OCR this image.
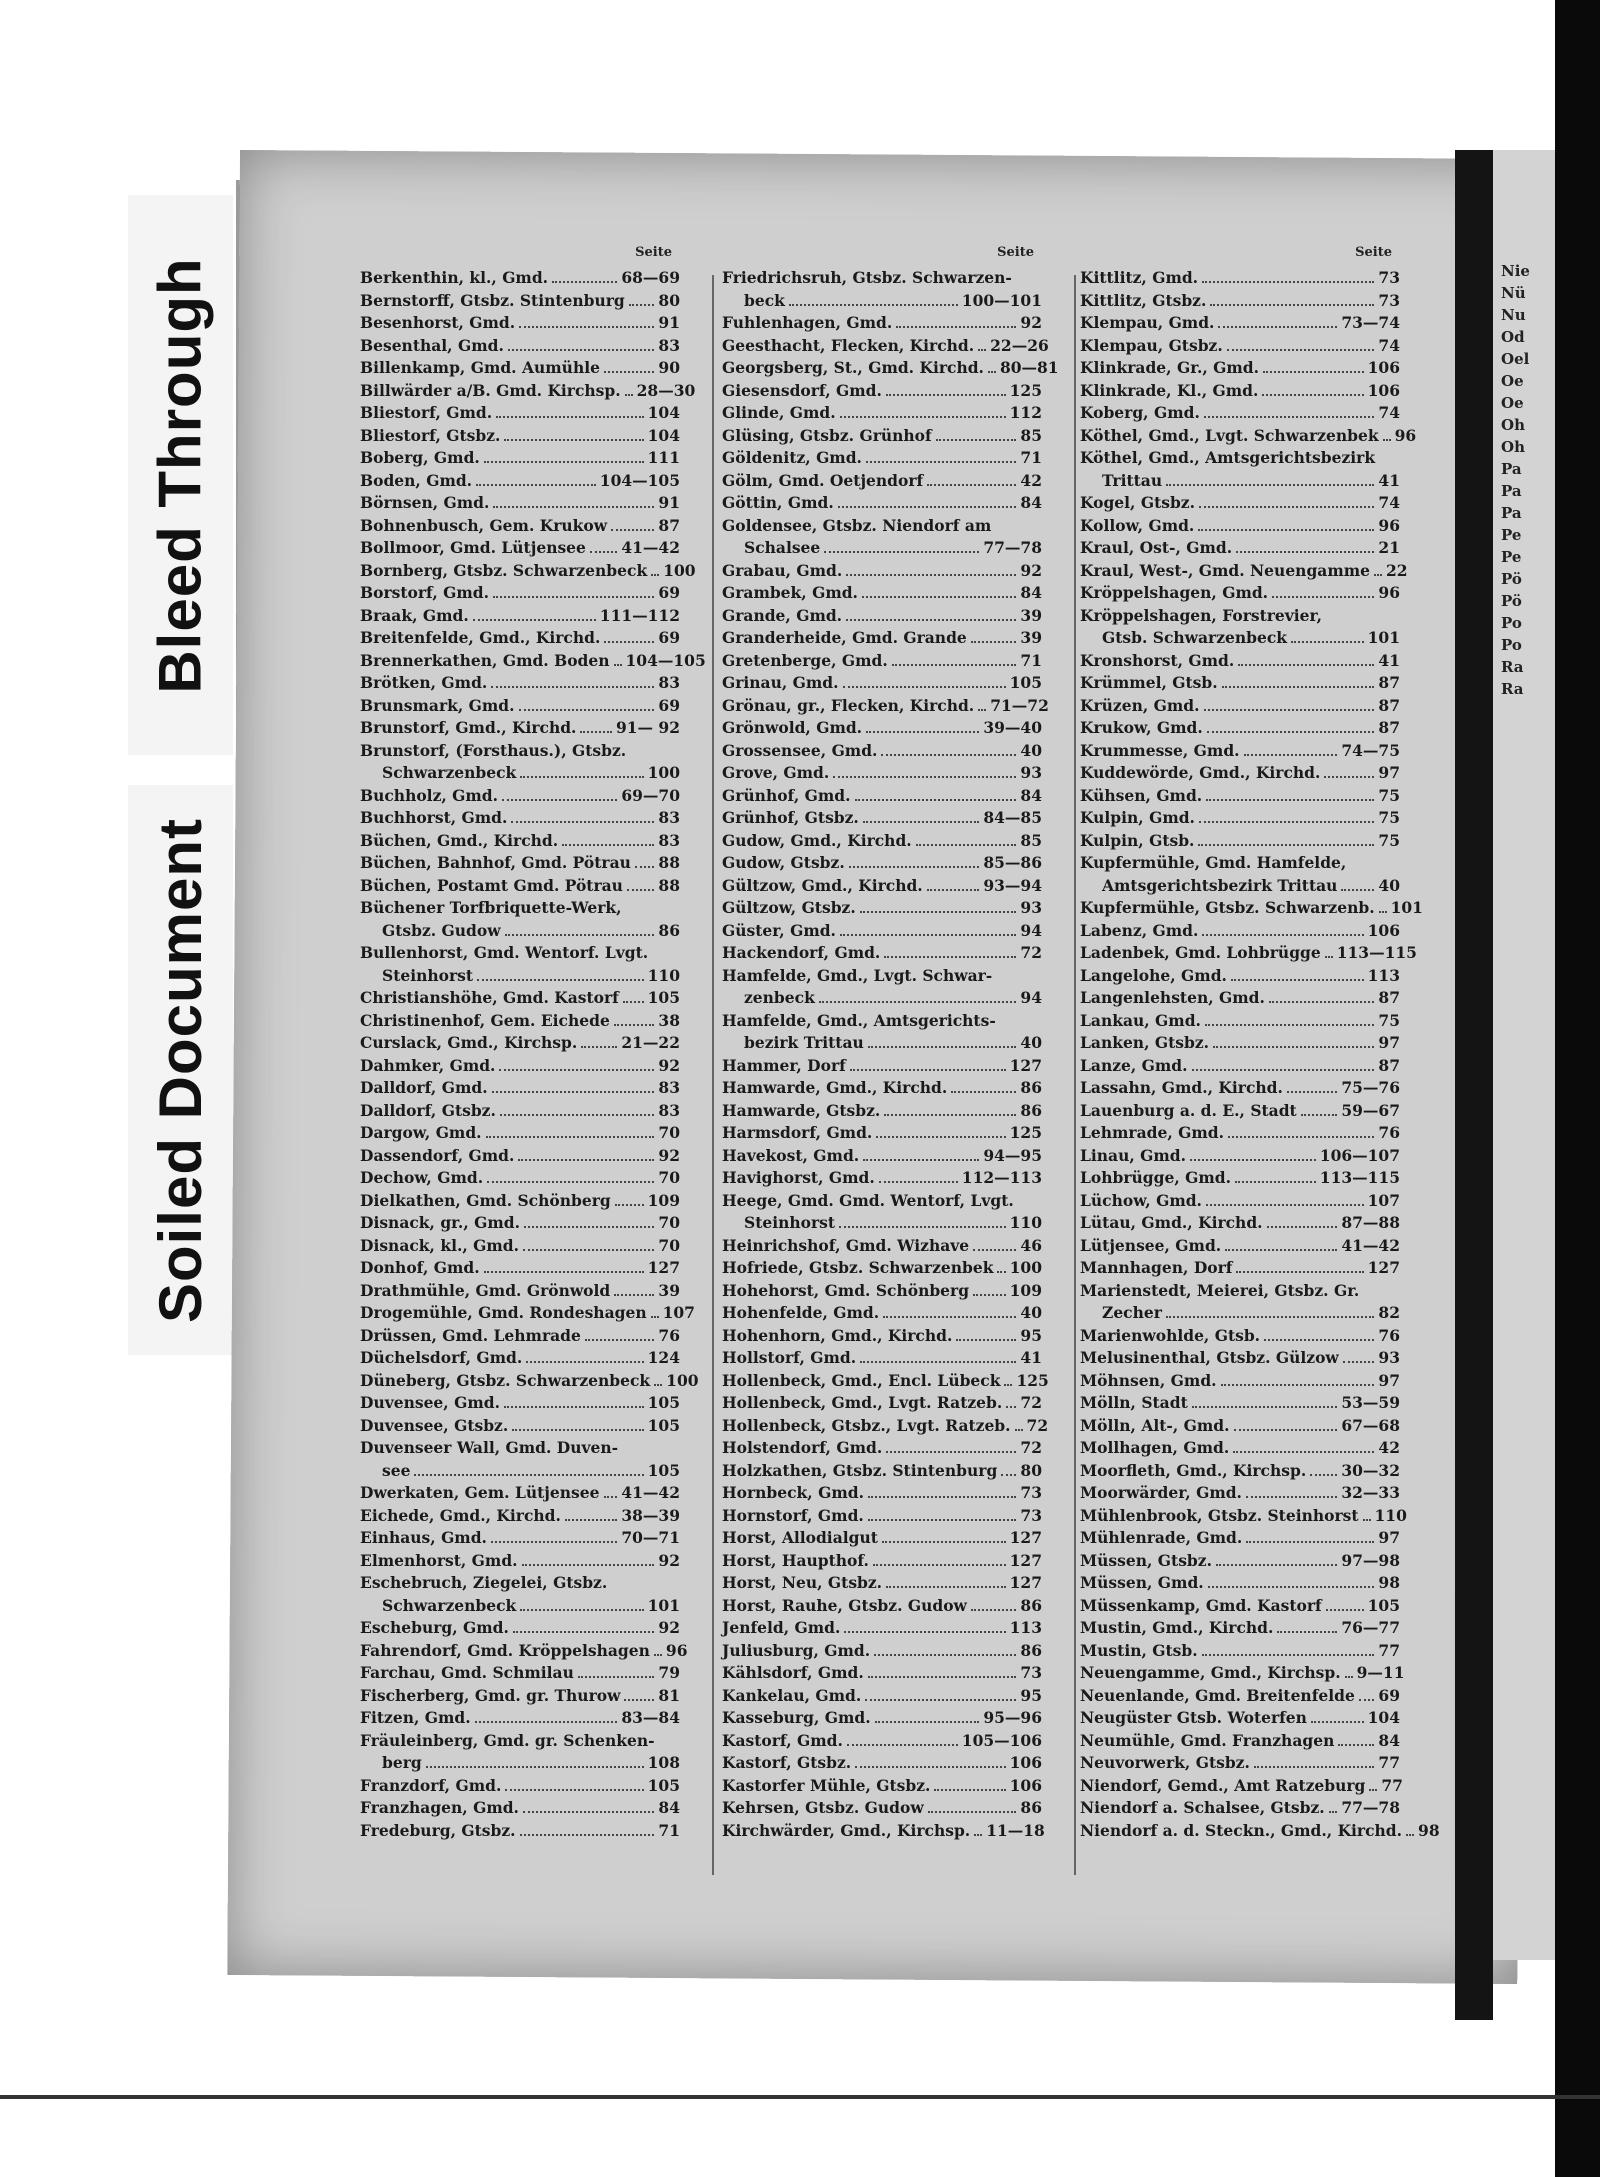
Bleed Through
Soiled Document
Nie
Nü
Nu
Od
Oel
Oe
Oe
Oh
Oh
Pa
Pa
Pa
Pe
Pe
Pö
Pö
Po
Po
Ra
Ra
Seite
Berkenthin, kl., Gmd.	68—69
Bernstorff, Gtsbz. Stintenburg 80
Besenhorst, Gmd.	91
Besenthal, Gmd.	83
Billenkamp, Gmd. Aumühle	90
Billwärder a/B. Gmd. Kirchsp. 28—30
Bliestorf, Gmd.	104
Bliestorf, Gtsbz.	104
Boberg, Gmd.	111
Boden, Gmd.	104—105
Börnsen, Gmd.	91
Bohnenbusch, Gem. Krukow	87
Bollmoor, Gmd. Lütjensee 41—42
Bornberg, Gtsbz. Schwarzenbeck 100
Borstorf, Gmd.	69
Braak, Gmd.	111—112
Breitenfelde, Gmd., Kirchd.	69
Brennerkathen, Gmd. Boden 104—105
Brötken, Gmd.	83
Brunsmark, Gmd.	69
Brunstorf, Gmd., Kirchd.	91— 92
Brunstorf, (Forsthaus.), Gtsbz.
Schwarzenbeck	100
Buchholz, Gmd.	69—70
Buchhorst, Gmd.	83
Büchen, Gmd., Kirchd.	83
Büchen, Bahnhof, Gmd. Pötrau 88
Büchen, Postamt Gmd. Pötrau 88
Büchener Torfbriquette-Werk,
Gtsbz. Gudow	86
Bullenhorst, Gmd. Wentorf. Lvgt.
Steinhorst	110
Christianshöhe, Gmd. Kastorf 105
Christinenhof, Gem. Eichede	38
Curslack, Gmd., Kirchsp.	21—22
Dahmker, Gmd.	92
Dalldorf, Gmd.	83
Dalldorf, Gtsbz.	83
Dargow, Gmd.	70
Dassendorf, Gmd.	92
Dechow, Gmd.	70
Dielkathen, Gmd. Schönberg 109
Disnack, gr., Gmd.	70
Disnack, kl., Gmd.	70
Donhof, Gmd.	127
Drathmühle, Gmd. Grönwold	39
Drogemühle, Gmd. Rondeshagen 107
Drüssen, Gmd. Lehmrade	76
Düchelsdorf, Gmd.	124
Düneberg, Gtsbz. Schwarzenbeck 100
Duvensee, Gmd.	105
Duvensee, Gtsbz.	105
Duvenseer Wall, Gmd. Duven-
see	105
Dwerkaten, Gem. Lütjensee 41—42
Eichede, Gmd., Kirchd.	38—39
Einhaus, Gmd.	70—71
Elmenhorst, Gmd.	92
Eschebruch, Ziegelei, Gtsbz.
Schwarzenbeck	101
Escheburg, Gmd.	92
Fahrendorf, Gmd. Kröppelshagen 96
Farchau, Gmd. Schmilau	79
Fischerberg, Gmd. gr. Thurow 81
Fitzen, Gmd.	83—84
Fräuleinberg, Gmd. gr. Schenken-
berg	108
Franzdorf, Gmd.	105
Franzhagen, Gmd.	84
Fredeburg, Gtsbz.	71
Seite
Friedrichsruh, Gtsbz. Schwarzen-
beck	100—101
Fuhlenhagen, Gmd.	92
Geesthacht, Flecken, Kirchd. 22—26
Georgsberg, St., Gmd. Kirchd. 80—81
Giesensdorf, Gmd.	125
Glinde, Gmd.	112
Glüsing, Gtsbz. Grünhof	85
Göldenitz, Gmd.	71
Gölm, Gmd. Oetjendorf	42
Göttin, Gmd.	84
Goldensee, Gtsbz. Niendorf am
Schalsee	77—78
Grabau, Gmd.	92
Grambek, Gmd.	84
Grande, Gmd.	39
Granderheide, Gmd. Grande	39
Gretenberge, Gmd.	71
Grinau, Gmd.	105
Grönau, gr., Flecken, Kirchd. 71—72
Grönwold, Gmd.	39—40
Grossensee, Gmd.	40
Grove, Gmd.	93
Grünhof, Gmd.	84
Grünhof, Gtsbz.	84—85
Gudow, Gmd., Kirchd.	85
Gudow, Gtsbz.	85—86
Gültzow, Gmd., Kirchd.	93—94
Gültzow, Gtsbz.	93
Güster, Gmd.	94
Hackendorf, Gmd.	72
Hamfelde, Gmd., Lvgt. Schwar-
zenbeck	94
Hamfelde, Gmd., Amtsgerichts-
bezirk Trittau	40
Hammer, Dorf	127
Hamwarde, Gmd., Kirchd.	86
Hamwarde, Gtsbz.	86
Harmsdorf, Gmd.	125
Havekost, Gmd.	94—95
Havighorst, Gmd.	112—113
Heege, Gmd. Gmd. Wentorf, Lvgt.
Steinhorst	110
Heinrichshof, Gmd. Wizhave	46
Hofriede, Gtsbz. Schwarzenbek 100
Hohehorst, Gmd. Schönberg	109
Hohenfelde, Gmd.	40
Hohenhorn, Gmd., Kirchd.	95
Hollstorf, Gmd.	41
Hollenbeck, Gmd., Encl. Lübeck 125
Hollenbeck, Gmd., Lvgt. Ratzeb. 72
Hollenbeck, Gtsbz., Lvgt. Ratzeb. 72
Holstendorf, Gmd.	72
Holzkathen, Gtsbz. Stintenburg 80
Hornbeck, Gmd.	73
Hornstorf, Gmd.	73
Horst, Allodialgut	127
Horst, Haupthof.	127
Horst, Neu, Gtsbz.	127
Horst, Rauhe, Gtsbz. Gudow	86
Jenfeld, Gmd.	113
Juliusburg, Gmd.	86
Kählsdorf, Gmd.	73
Kankelau, Gmd.	95
Kasseburg, Gmd.	95—96
Kastorf, Gmd.	105—106
Kastorf, Gtsbz.	106
Kastorfer Mühle, Gtsbz.	106
Kehrsen, Gtsbz. Gudow	86
Kirchwärder, Gmd., Kirchsp. 11—18
Seite
Kittlitz, Gmd.	73
Kittlitz, Gtsbz.	73
Klempau, Gmd.	73—74
Klempau, Gtsbz.	74
Klinkrade, Gr., Gmd.	106
Klinkrade, Kl., Gmd.	106
Koberg, Gmd.	74
Köthel, Gmd., Lvgt. Schwarzenbek 96
Köthel, Gmd., Amtsgerichtsbezirk
Trittau	41
Kogel, Gtsbz.	74
Kollow, Gmd.	96
Kraul, Ost-, Gmd.	21
Kraul, West-, Gmd. Neuengamme 22
Kröppelshagen, Gmd.	96
Kröppelshagen, Forstrevier,
Gtsb. Schwarzenbeck	101
Kronshorst, Gmd.	41
Krümmel, Gtsb.	87
Krüzen, Gmd.	87
Krukow, Gmd.	87
Krummesse, Gmd.	74—75
Kuddewörde, Gmd., Kirchd.	97
Kühsen, Gmd.	75
Kulpin, Gmd.	75
Kulpin, Gtsb.	75
Kupfermühle, Gmd. Hamfelde,
Amtsgerichtsbezirk Trittau	40
Kupfermühle, Gtsbz. Schwarzenb. 101
Labenz, Gmd.	106
Ladenbek, Gmd. Lohbrügge 113—115
Langelohe, Gmd.	113
Langenlehsten, Gmd.	87
Lankau, Gmd.	75
Lanken, Gtsbz.	97
Lanze, Gmd.	87
Lassahn, Gmd., Kirchd.	75—76
Lauenburg a. d. E., Stadt	59—67
Lehmrade, Gmd.	76
Linau, Gmd.	106—107
Lohbrügge, Gmd.	113—115
Lüchow, Gmd.	107
Lütau, Gmd., Kirchd.	87—88
Lütjensee, Gmd.	41—42
Mannhagen, Dorf	127
Marienstedt, Meierei, Gtsbz. Gr.
Zecher	82
Marienwohlde, Gtsb.	76
Melusinenthal, Gtsbz. Gülzow	93
Möhnsen, Gmd.	97
Mölln, Stadt	53—59
Mölln, Alt-, Gmd.	67—68
Mollhagen, Gmd.	42
Moorfleth, Gmd., Kirchsp. 30—32
Moorwärder, Gmd.	32—33
Mühlenbrook, Gtsbz. Steinhorst 110
Mühlenrade, Gmd.	97
Müssen, Gtsbz.	97—98
Müssen, Gmd.	98
Müssenkamp, Gmd. Kastorf	105
Mustin, Gmd., Kirchd.	76—77
Mustin, Gtsb.	77
Neuengamme, Gmd., Kirchsp. 9—11
Neuenlande, Gmd. Breitenfelde 69
Neugüster Gtsb. Woterfen	104
Neumühle, Gmd. Franzhagen	84
Neuvorwerk, Gtsbz.	77
Niendorf, Gemd., Amt Ratzeburg 77
Niendorf a. Schalsee, Gtsbz. 77—78
Niendorf a. d. Steckn., Gmd., Kirchd. 98
